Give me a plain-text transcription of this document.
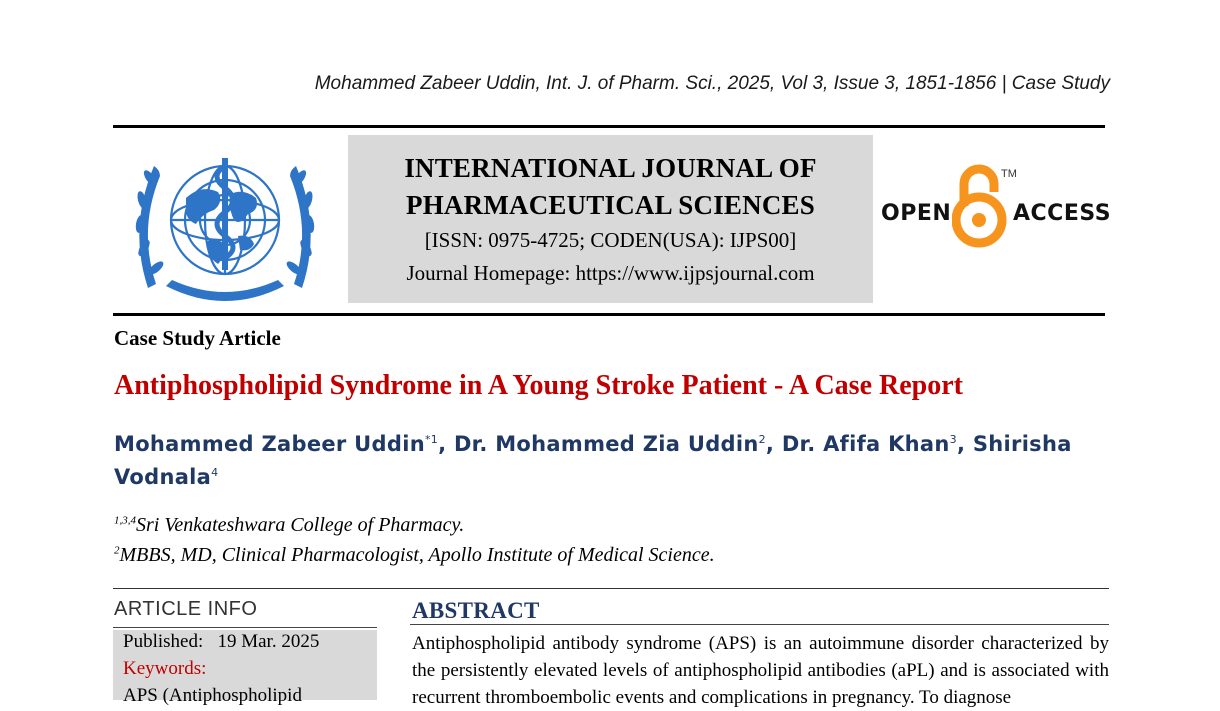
Mohammed Zabeer Uddin, Int. J. of Pharm. Sci., 2025, Vol 3, Issue 3, 1851-1856 | Case Study
INTERNATIONAL JOURNAL OF
PHARMACEUTICAL SCIENCES
[ISSN: 0975-4725; CODEN(USA): IJPS00]
Journal Homepage: https://www.ijpsjournal.com
OPEN
TM
ACCESS
Case Study Article
Antiphospholipid Syndrome in A Young Stroke Patient - A Case Report
Mohammed Zabeer Uddin$^{*1}$, Dr. Mohammed Zia Uddin$^2$, Dr. Afifa Khan$^3$, Shirisha Vodnala$^4$
$^{1,3,4}$Sri Venkateshwara College of Pharmacy.
$^2$MBBS, MD, Clinical Pharmacologist, Apollo Institute of Medical Science.
ARTICLE INFO
Published: 19 Mar. 2025
Keywords:
APS (Antiphospholipid
ABSTRACT
Antiphospholipid antibody syndrome (APS) is an autoimmune disorder characterized by the persistently elevated levels of antiphospholipid antibodies (aPL) and is associated with recurrent thromboembolic events and complications in pregnancy. To diagnose
